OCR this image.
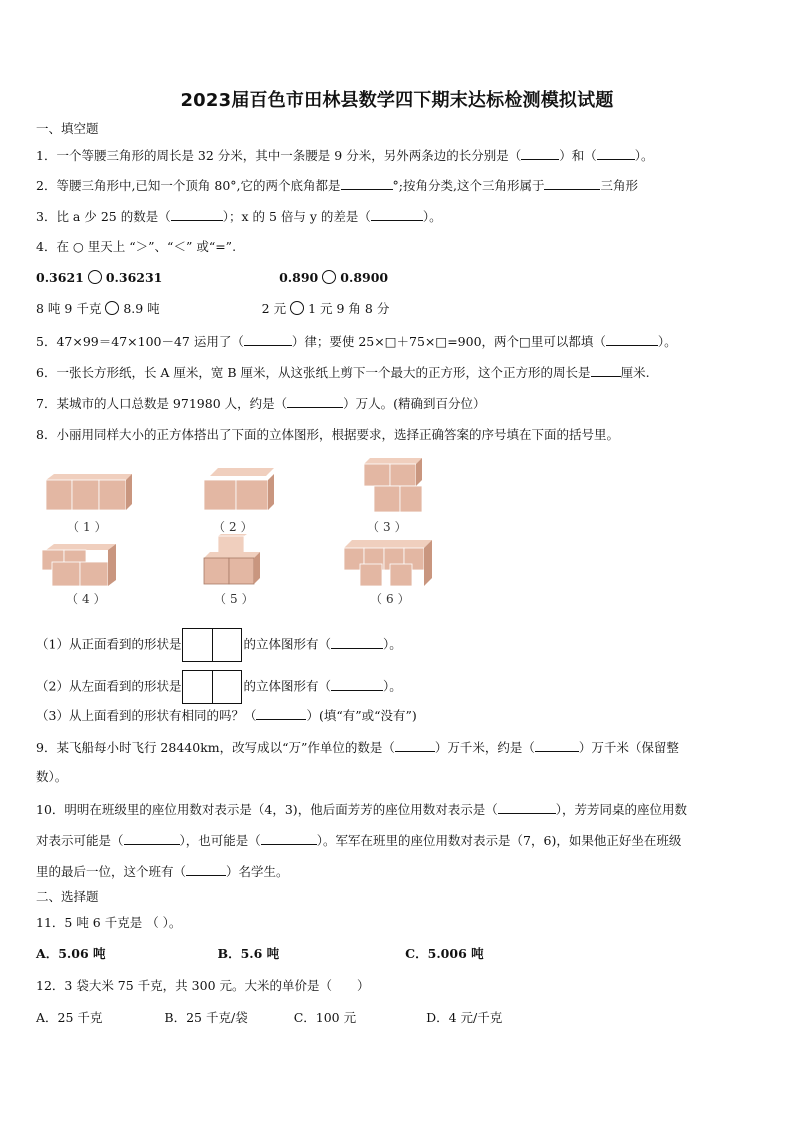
2023届百色市田林县数学四下期末达标检测模拟试题
一、填空题
1．一个等腰三角形的周长是 32 分米，其中一条腰是 9 分米，另外两条边的长分别是（	）和（	）。
2．等腰三角形中,已知一个顶角 80°,它的两个底角都是	°;按角分类,这个三角形属于	三角形
3．比 a 少 25 的数是（	）；x 的 5 倍与 y 的差是（	）。
4．在 ○ 里天上 “＞”、“＜” 或“=”.
0.3621 0.36231	0.890 0.8900
8 吨 9 千克 8.9 吨	2 元 1 元 9 角 8 分
5．47×99＝47×100－47 运用了（	）律；要使 25×□＋75×□=900，两个□里可以都填（	）。
6．一张长方形纸，长 A 厘米，宽 B 厘米，从这张纸上剪下一个最大的正方形，这个正方形的周长是 厘米.
7．某城市的人口总数是 971980 人，约是（	）万人。(精确到百分位）
8．小丽用同样大小的正方体搭出了下面的立体图形，根据要求，选择正确答案的序号填在下面的括号里。
（1）	（2）	（3）
（4）	（5）	（6）
（1）从正面看到的形状是	的立体图形有（	）。
（2）从左面看到的形状是	的立体图形有（	）。
（3）从上面看到的形状有相同的吗？（	）(填“有”或“没有”)
9．某飞船每小时飞行 28440km，改写成以“万”作单位的数是（	）万千米，约是（	）万千米（保留整
数）。
10．明明在班级里的座位用数对表示是（4，3)，他后面芳芳的座位用数对表示是（	），芳芳同桌的座位用数
对表示可能是（	），也可能是（	）。军军在班里的座位用数对表示是（7，6)，如果他正好坐在班级
里的最后一位，这个班有（	）名学生。
二、选择题
11．5 吨 6 千克是 （ ）。
A．5.06 吨	B．5.6 吨	C．5.006 吨
12．3 袋大米 75 千克，共 300 元。大米的单价是（　　）
A．25 千克	B．25 千克/袋	C．100 元	D．4 元/千克
